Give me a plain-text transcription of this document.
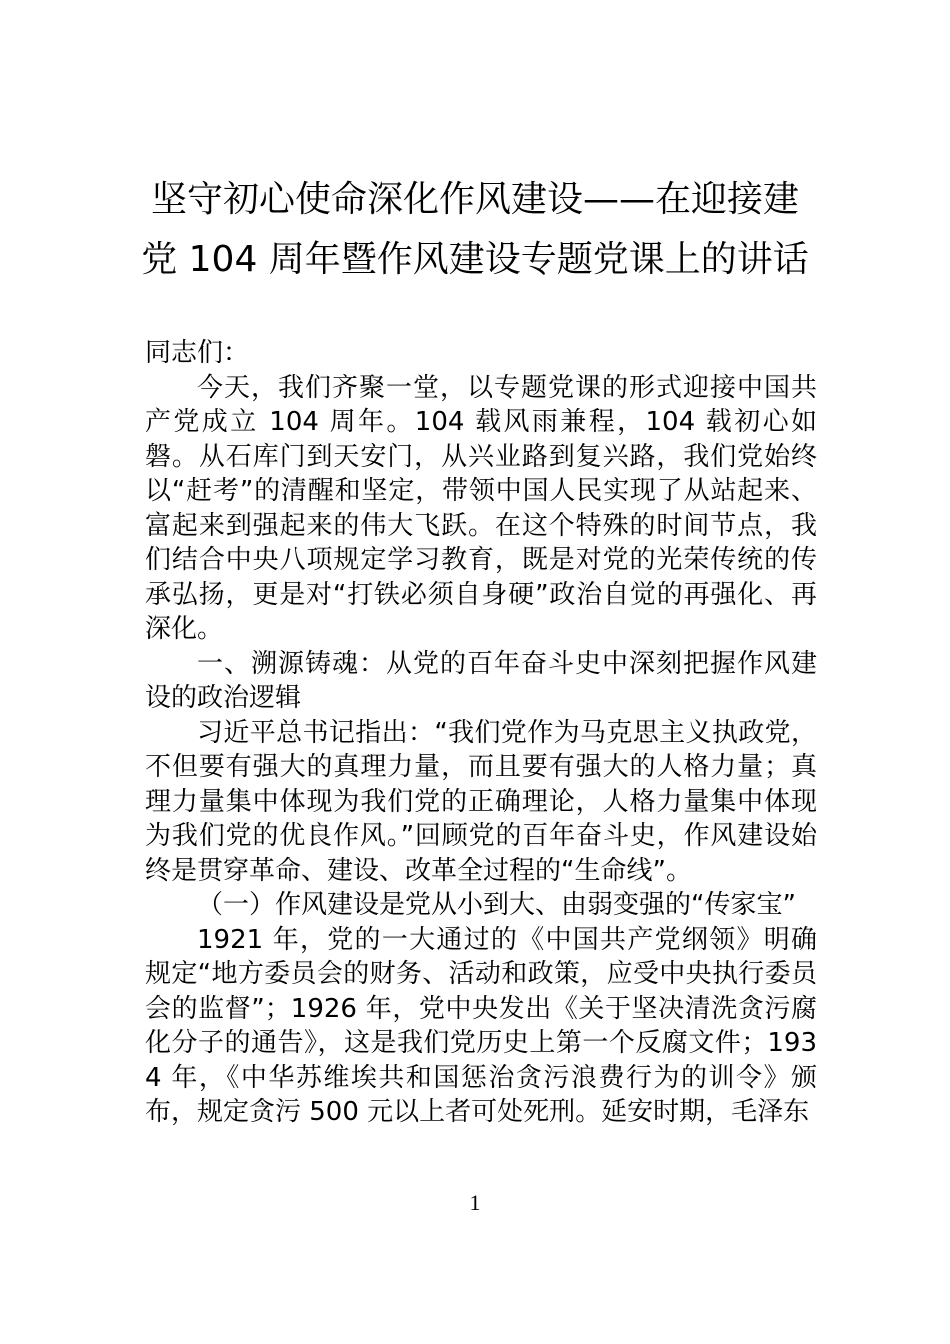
坚守初心使命深化作风建设——在迎接建
党 104 周年暨作风建设专题党课上的讲话

同志们：

今天，我们齐聚一堂，以专题党课的形式迎接中国共产党成立 104 周年。104 载风雨兼程，104 载初心如磐。从石库门到天安门，从兴业路到复兴路，我们党始终以“赶考”的清醒和坚定，带领中国人民实现了从站起来、富起来到强起来的伟大飞跃。在这个特殊的时间节点，我们结合中央八项规定学习教育，既是对党的光荣传统的传承弘扬，更是对“打铁必须自身硬”政治自觉的再强化、再深化。

一、溯源铸魂：从党的百年奋斗史中深刻把握作风建设的政治逻辑

习近平总书记指出：“我们党作为马克思主义执政党，不但要有强大的真理力量，而且要有强大的人格力量；真理力量集中体现为我们党的正确理论，人格力量集中体现为我们党的优良作风。”回顾党的百年奋斗史，作风建设始终是贯穿革命、建设、改革全过程的“生命线”。

（一）作风建设是党从小到大、由弱变强的“传家宝”

1921 年，党的一大通过的《中国共产党纲领》明确规定“地方委员会的财务、活动和政策，应受中央执行委员会的监督”；1926 年，党中央发出《关于坚决清洗贪污腐化分子的通告》，这是我们党历史上第一个反腐文件；1934 年，《中华苏维埃共和国惩治贪污浪费行为的训令》颁布，规定贪污 500 元以上者可处死刑。延安时期，毛泽东

1
